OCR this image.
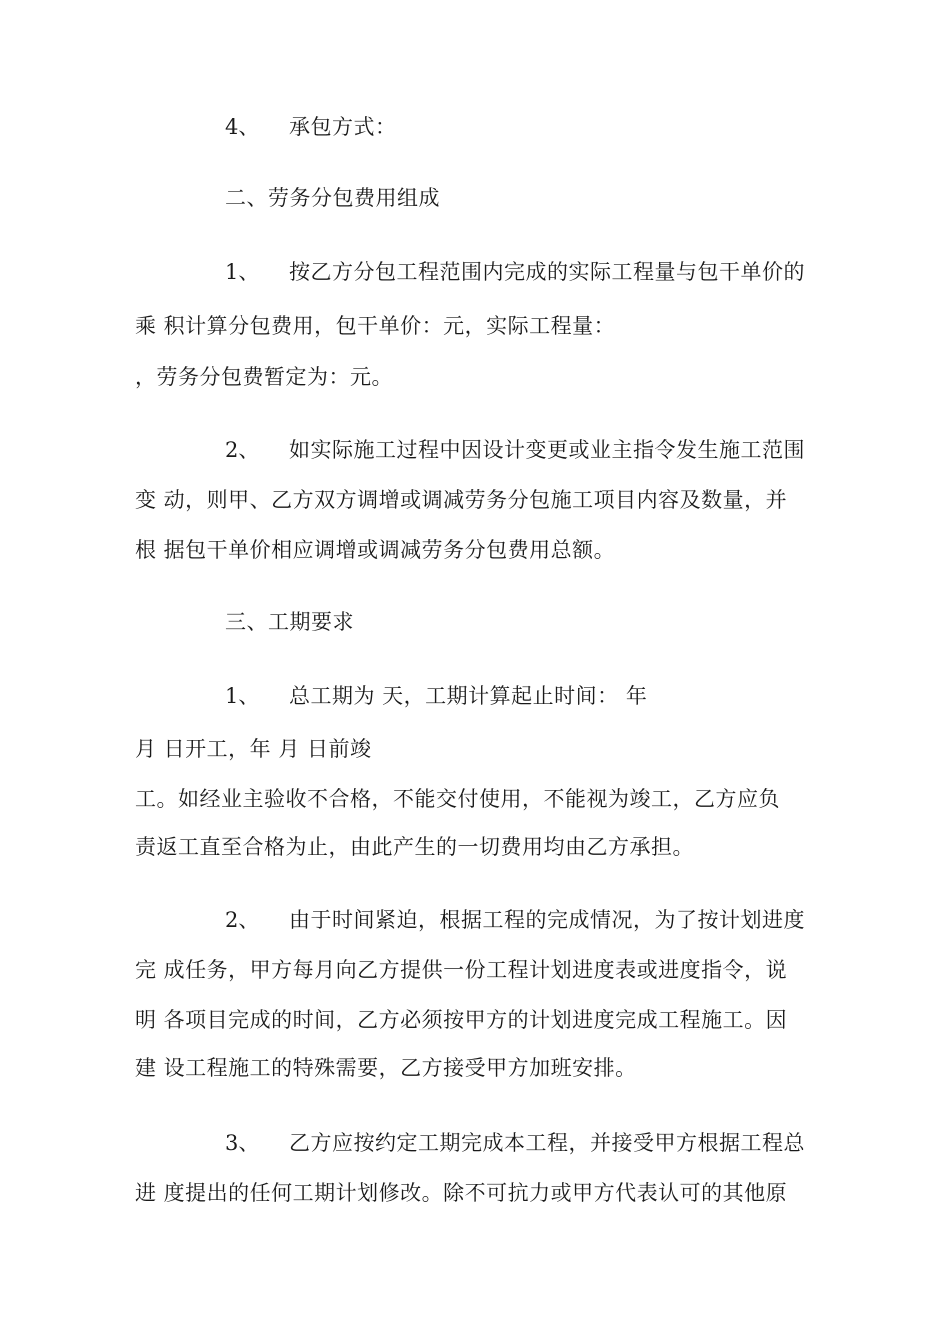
4、 承包方式：
二、劳务分包费用组成
1、 按乙方分包工程范围内完成的实际工程量与包干单价的
乘 积计算分包费用，包干单价：元，实际工程量：
，劳务分包费暂定为：元。
2、 如实际施工过程中因设计变更或业主指令发生施工范围
变 动，则甲、乙方双方调增或调减劳务分包施工项目内容及数量，并
根 据包干单价相应调增或调减劳务分包费用总额。
三、工期要求
1、 总工期为 天，工期计算起止时间： 年
月 日开工，年 月 日前竣
工。如经业主验收不合格，不能交付使用，不能视为竣工，乙方应负
责返工直至合格为止，由此产生的一切费用均由乙方承担。
2、 由于时间紧迫，根据工程的完成情况，为了按计划进度
完 成任务，甲方每月向乙方提供一份工程计划进度表或进度指令，说
明 各项目完成的时间，乙方必须按甲方的计划进度完成工程施工。因
建 设工程施工的特殊需要，乙方接受甲方加班安排。
3、 乙方应按约定工期完成本工程，并接受甲方根据工程总
进 度提出的任何工期计划修改。除不可抗力或甲方代表认可的其他原
